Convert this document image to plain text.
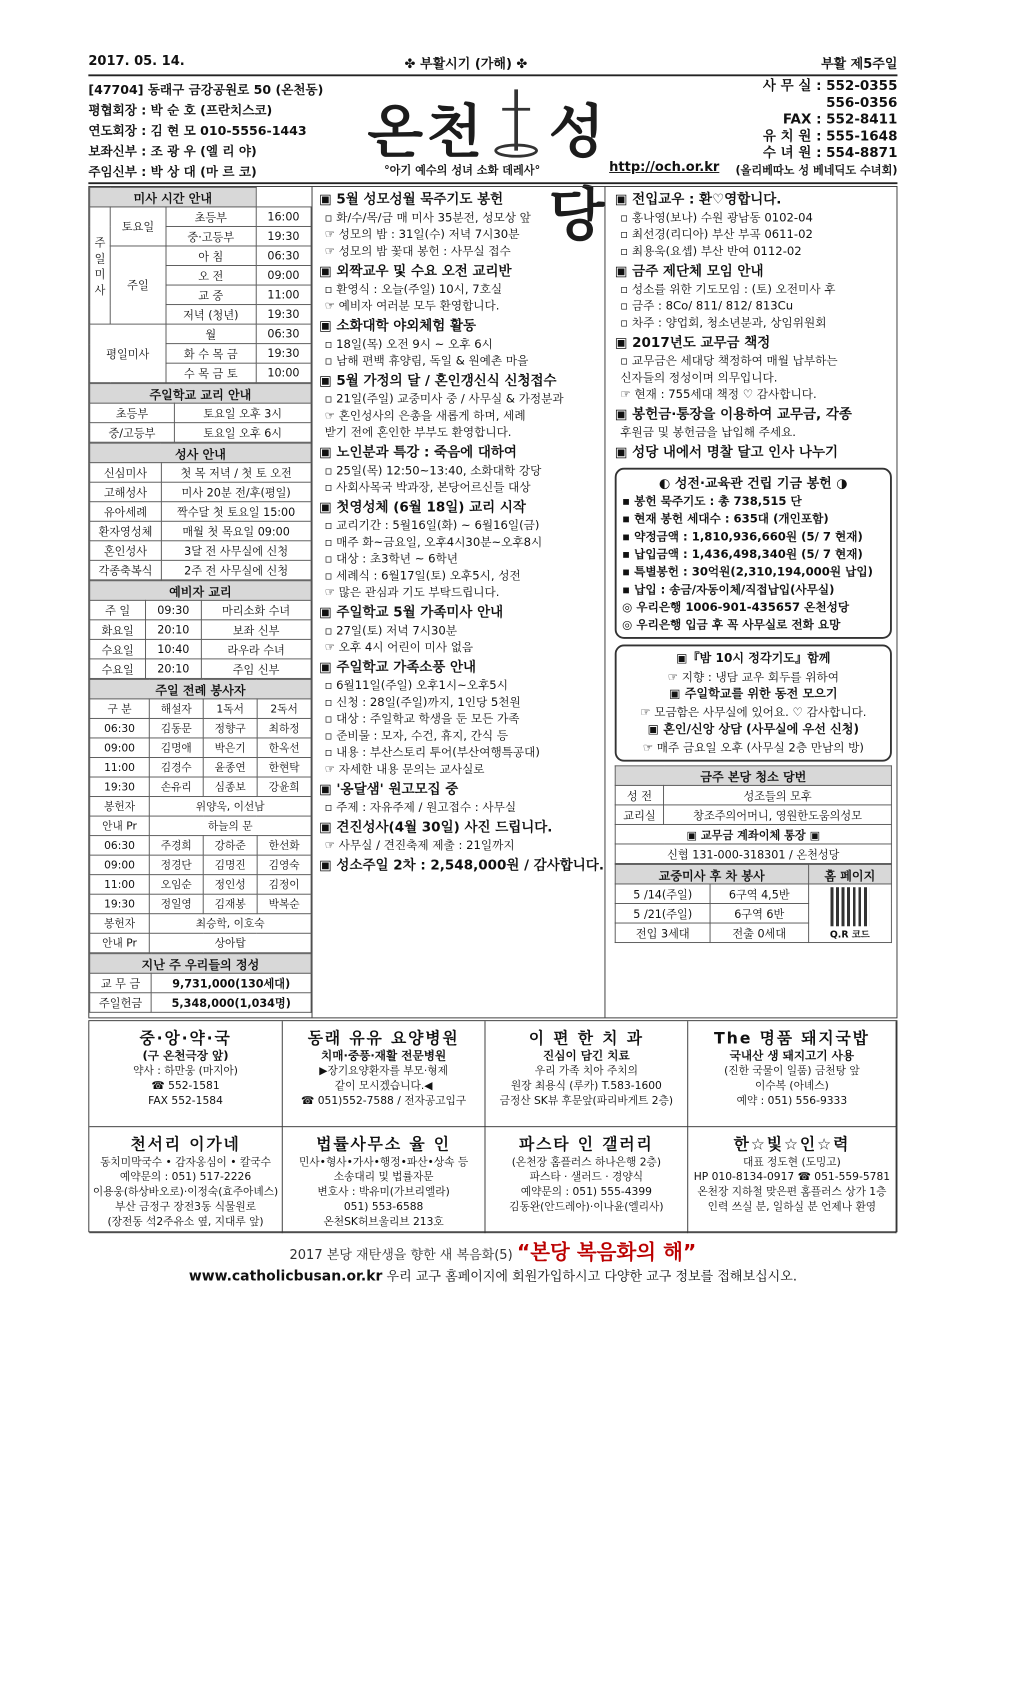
2017. 05. 14.	✤ 부활시기 (가해) ✤	부활 제5주일
[47704] 동래구 금강공원로 50 (온천동)
평협회장 : 박 순 호 (프란치스코)
연도회장 : 김 현 모 010-5556-1443
보좌신부 : 조 광 우 (엘 리 야)
주임신부 : 박 상 대 (마 르 코)
온천 성당
°아기 예수의 성녀 소화 데레사°	http://och.or.kr
사 무 실 : 552-0355
556-0356
FAX : 552-8411
유 치 원 : 555-1648
수 녀 원 : 554-8871
(올리베따노 성 베네딕도 수녀회)
미사 시간 안내			
주일미사	토요일	초등부	16:00
		중·고등부	19:30
	주일	아 침	06:30
		오 전	09:00
		교 중	11:00
		저녁 (청년)	19:30
평일미사		월	06:30
		화 수 목 금	19:30
		수 목 금 토	10:00
주일학교 교리 안내	
초등부	토요일 오후 3시
중/고등부	토요일 오후 6시
성사 안내	
신심미사	첫 목 저녁 / 첫 토 오전
고해성사	미사 20분 전/후(평일)
유아세례	짝수달 첫 토요일 15:00
환자영성체	매월 첫 목요일 09:00
혼인성사	3달 전 사무실에 신청
각종축복식	2주 전 사무실에 신청
예비자 교리		
주 일	09:30	마리소화 수녀
화요일	20:10	보좌 신부
수요일	10:40	라우라 수녀
수요일	20:10	주임 신부
주일 전례 봉사자			
구 분	해설자	1독서	2독서
06:30	김동문	정향구	최하정
09:00	김명애	박은기	한옥선
11:00	김경수	윤종연	한현탁
19:30	손유리	심종보	강윤희
봉헌자	위양욱, 이선남		
안내 Pr	하늘의 문		
06:30	주경희	강하준	한선화
09:00	정경단	김명진	김영숙
11:00	오임순	정인성	김정이
19:30	정일영	김재봉	박복순
봉헌자	최승학, 이호숙		
안내 Pr	상아탑		
지난 주 우리들의 정성	
교 무 금	9,731,000(130세대)
주일헌금	5,348,000(1,034명)
▣ 5월 성모성월 묵주기도 봉헌

▫ 화/수/목/금 매 미사 35분전, 성모상 앞

☞ 성모의 밤 : 31일(수) 저녁 7시30분

☞ 성모의 밤 꽃대 봉헌 : 사무실 접수

▣ 외짝교우 및 수요 오전 교리반

▫ 환영식 : 오늘(주일) 10시, 7호실

☞ 예비자 여러분 모두 환영합니다.

▣ 소화대학 야외체험 활동

▫ 18일(목) 오전 9시 ~ 오후 6시

▫ 남해 편백 휴양림, 독일 & 원예촌 마을

▣ 5월 가정의 달 / 혼인갱신식 신청접수

▫ 21일(주일) 교중미사 중 / 사무실 & 가정분과

☞ 혼인성사의 은총을 새롭게 하며, 세례

받기 전에 혼인한 부부도 환영합니다.

▣ 노인분과 특강 : 죽음에 대하여

▫ 25일(목) 12:50~13:40, 소화대학 강당

▫ 사회사목국 박과장, 본당어르신들 대상

▣ 첫영성체 (6월 18일) 교리 시작

▫ 교리기간 : 5월16일(화) ~ 6월16일(금)

▫ 매주 화~금요일, 오후4시30분~오후8시

▫ 대상 : 초3학년 ~ 6학년

▫ 세례식 : 6월17일(토) 오후5시, 성전

☞ 많은 관심과 기도 부탁드립니다.

▣ 주일학교 5월 가족미사 안내

▫ 27일(토) 저녁 7시30분

☞ 오후 4시 어린이 미사 없음

▣ 주일학교 가족소풍 안내

▫ 6월11일(주일) 오후1시~오후5시

▫ 신청 : 28일(주일)까지, 1인당 5천원

▫ 대상 : 주일학교 학생을 둔 모든 가족

▫ 준비물 : 모자, 수건, 휴지, 간식 등

▫ 내용 : 부산스토리 투어(부산여행특공대)

☞ 자세한 내용 문의는 교사실로

▣ '옹달샘' 원고모집 중

▫ 주제 : 자유주제 / 원고접수 : 사무실

▣ 견진성사(4월 30일) 사진 드립니다.

☞ 사무실 / 견진축제 제출 : 21일까지

▣ 성소주일 2차 : 2,548,000원 / 감사합니다.
▣ 전입교우 : 환♡영합니다.

▫ 홍나영(보나) 수원 광남동 0102-04

▫ 최선경(리디아) 부산 부곡 0611-02

▫ 최용욱(요셉) 부산 반여 0112-02

▣ 금주 제단체 모임 안내

▫ 성소를 위한 기도모임 : (토) 오전미사 후

▫ 금주 : 8Co/ 811/ 812/ 813Cu

▫ 차주 : 양업회, 청소년분과, 상임위원회

▣ 2017년도 교무금 책정

▫ 교무금은 세대당 책정하여 매월 납부하는

신자들의 정성이며 의무입니다.

☞ 현재 : 755세대 책정 ♡ 감사합니다.

▣ 봉헌금·통장을 이용하여 교무금, 각종

후원금 및 봉헌금을 납입해 주세요.

▣ 성당 내에서 명찰 달고 인사 나누기
◐ 성전·교육관 건립 기금 봉헌 ◑

▪ 봉헌 묵주기도 : 총 738,515 단

▪ 현재 봉헌 세대수 : 635대 (개인포함)

▪ 약정금액 : 1,810,936,660원 (5/ 7 현재)

▪ 납입금액 : 1,436,498,340원 (5/ 7 현재)

▪ 특별봉헌 : 30억원(2,310,194,000원 납입)

▪ 납입 : 송금/자동이체/직접납입(사무실)

◎ 우리은행 1006-901-435657 온천성당

◎ 우리은행 입금 후 꼭 사무실로 전화 요망

▣『밤 10시 정각기도』함께

☞ 지향 : 냉담 교우 회두를 위하여

▣ 주일학교를 위한 동전 모으기

☞ 모금함은 사무실에 있어요. ♡ 감사합니다.

▣ 혼인/신앙 상담 (사무실에 우선 신청)

☞ 매주 금요일 오후 (사무실 2층 만남의 방)

금주 본당 청소 당번	
성 전	성조들의 모후
교리실	창조주의어머니, 영원한도움의성모
▣ 교무금 계좌이체 통장 ▣	
신협 131-000-318301 / 온천성당	
교중미사 후 차 봉사		홈 페이지
5 /14(주일)	6구역 4,5반	Q.R 코드

5 /21(주일)	6구역 6반	
전입 3세대	전출 0세대	
중·앙·약·국

(구 온천극장 앞)

약사 : 하만웅 (마지아)

☎ 552-1581

FAX 552-1584

동래 유유 요양병원

치매·중풍·재활 전문병원

▶장기요양환자를 부모·형제

같이 모시겠습니다.◀

☎ 051)552-7588 / 전자공고입구

이 편 한 치 과

진심이 담긴 치료

우리 가족 치아 주치의

원장 최용식 (루카) T.583-1600

금정산 SK뷰 후문앞(파리바게트 2층)

The 명품 돼지국밥

국내산 생 돼지고기 사용

(진한 국물이 일품) 금천탕 앞

이수복 (아녜스)

예약 : 051) 556-9333

천서리 이가네

동치미막국수 • 감자옹심이 • 칼국수

예약문의 : 051) 517-2226

이용웅(하상바오로)·이정숙(효주아녜스)

부산 금정구 장전3동 식물원로

(장전동 석2주유소 옆, 지대루 앞)

법률사무소 율 인

민사•형사•가사•행정•파산•상속 등

소송대리 및 법률자문

변호사 : 박유미(가브리엘라)

051) 553-6588

온천SK허브울리브 213호

파스타 인 갤러리

(온천장 홈플러스 하나은행 2층)

파스타 · 샐러드 · 경양식

예약문의 : 051) 555-4399

김동완(안드레아)·이나윤(엘리사)

한☆빛☆인☆력

대표 정도현 (도밍고)

HP 010-8134-0917 ☎ 051-559-5781

온천장 지하철 맞은편 홈플러스 상가 1층

인력 쓰실 분, 일하실 분 언제나 환영

2017 본당 재탄생을 향한 새 복음화(5) “본당 복음화의 해”
www.catholicbusan.or.kr 우리 교구 홈페이지에 회원가입하시고 다양한 교구 정보를 접해보십시오.
